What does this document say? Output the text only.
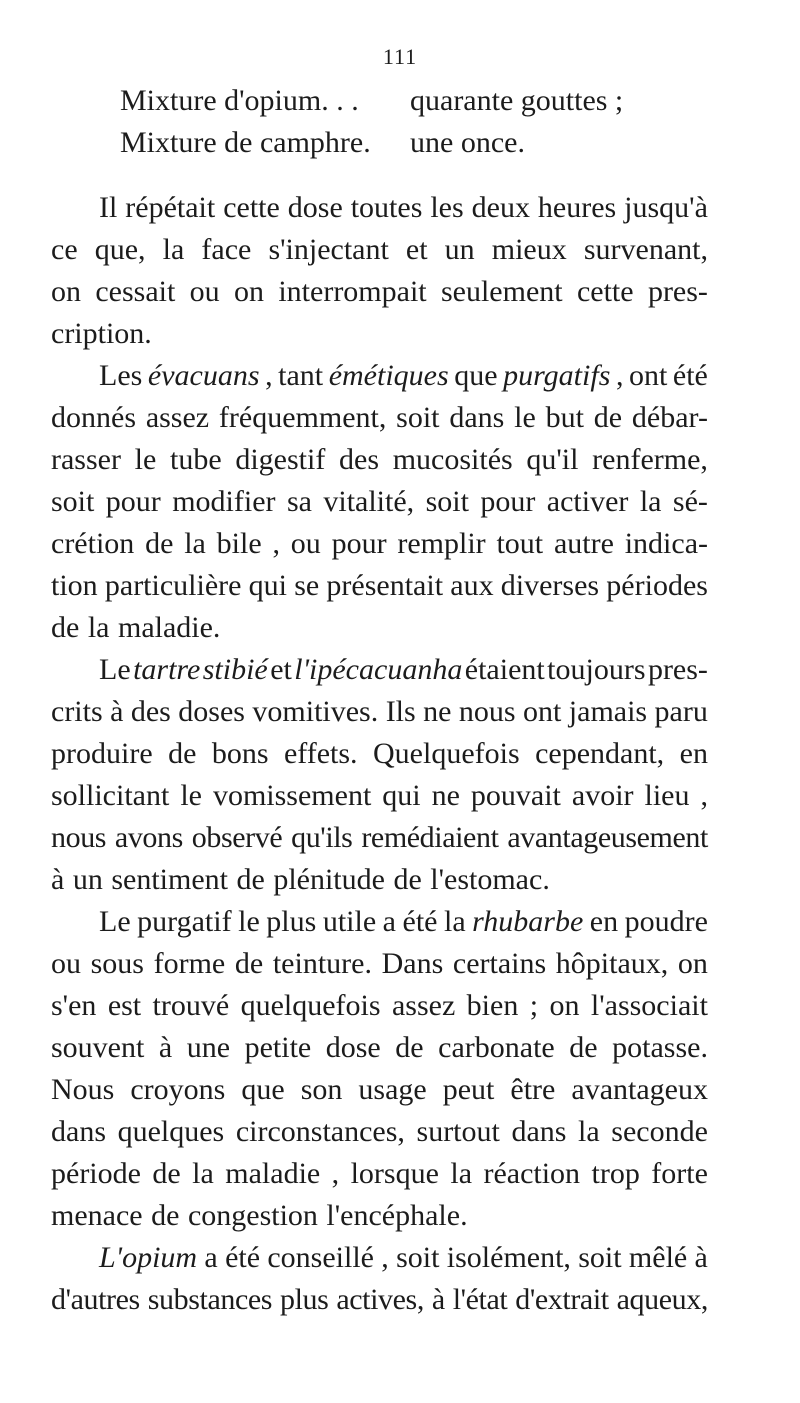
111
Mixture d'opium. . .	quarante gouttes ;
Mixture de camphre.	une once.
Il répétait cette dose toutes les deux heures jusqu'à
ce que, la face s'injectant et un mieux survenant,
on cessait ou on interrompait seulement cette pres-
cription.
Les évacuans , tant émétiques que purgatifs , ont été
donnés assez fréquemment, soit dans le but de débar-
rasser le tube digestif des mucosités qu'il renferme,
soit pour modifier sa vitalité, soit pour activer la sé-
crétion de la bile , ou pour remplir tout autre indica-
tion particulière qui se présentait aux diverses périodes
de la maladie.
Le tartre stibié et l'ipécacuanha étaient toujours pres-
crits à des doses vomitives. Ils ne nous ont jamais paru
produire de bons effets. Quelquefois cependant, en
sollicitant le vomissement qui ne pouvait avoir lieu ,
nous avons observé qu'ils remédiaient avantageusement
à un sentiment de plénitude de l'estomac.
Le purgatif le plus utile a été la rhubarbe en poudre
ou sous forme de teinture. Dans certains hôpitaux, on
s'en est trouvé quelquefois assez bien ; on l'associait
souvent à une petite dose de carbonate de potasse.
Nous croyons que son usage peut être avantageux
dans quelques circonstances, surtout dans la seconde
période de la maladie , lorsque la réaction trop forte
menace de congestion l'encéphale.
L'opium a été conseillé , soit isolément, soit mêlé à
d'autres substances plus actives, à l'état d'extrait aqueux,
